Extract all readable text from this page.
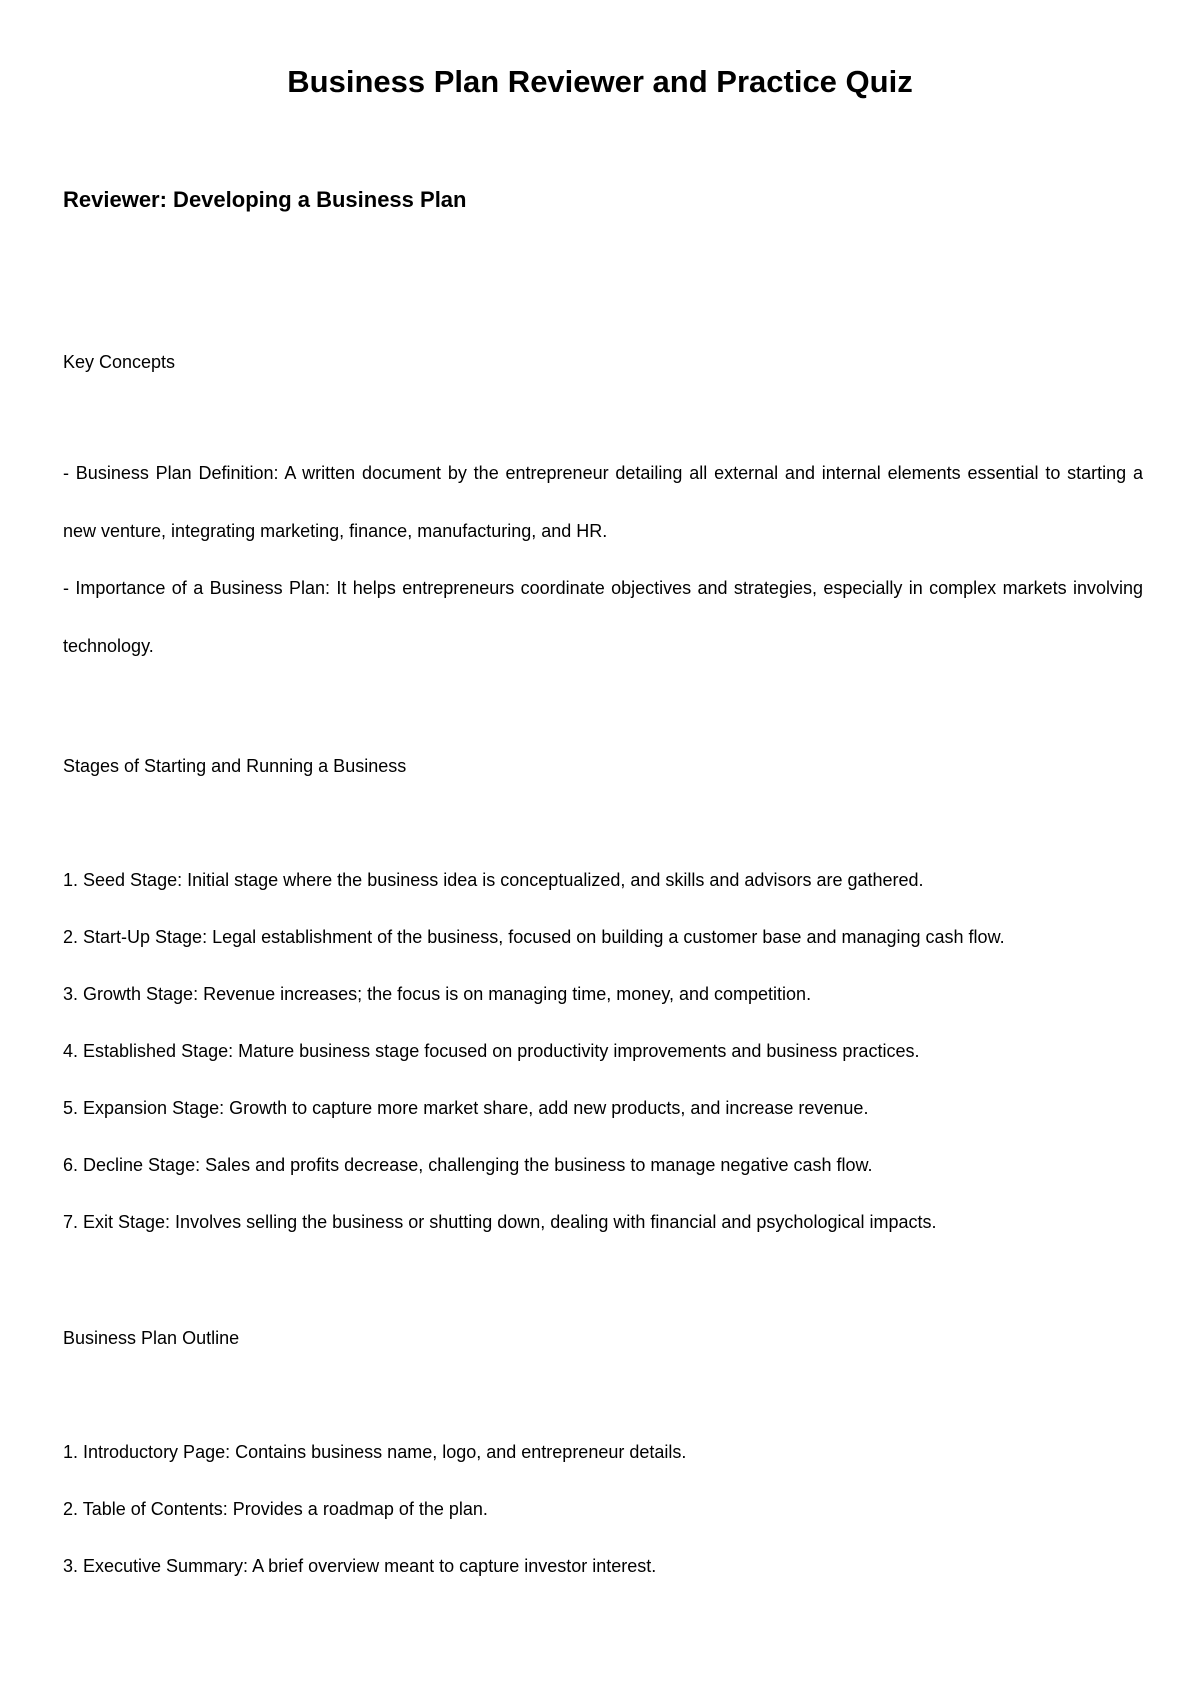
Business Plan Reviewer and Practice Quiz
Reviewer: Developing a Business Plan

Key Concepts

- Business Plan Definition: A written document by the entrepreneur detailing all external and internal elements essential to starting a new venture, integrating marketing, finance, manufacturing, and HR.

- Importance of a Business Plan: It helps entrepreneurs coordinate objectives and strategies, especially in complex markets involving technology.

Stages of Starting and Running a Business

1. Seed Stage: Initial stage where the business idea is conceptualized, and skills and advisors are gathered.
2. Start-Up Stage: Legal establishment of the business, focused on building a customer base and managing cash flow.
3. Growth Stage: Revenue increases; the focus is on managing time, money, and competition.
4. Established Stage: Mature business stage focused on productivity improvements and business practices.
5. Expansion Stage: Growth to capture more market share, add new products, and increase revenue.
6. Decline Stage: Sales and profits decrease, challenging the business to manage negative cash flow.
7. Exit Stage: Involves selling the business or shutting down, dealing with financial and psychological impacts.

Business Plan Outline

1. Introductory Page: Contains business name, logo, and entrepreneur details.
2. Table of Contents: Provides a roadmap of the plan.
3. Executive Summary: A brief overview meant to capture investor interest.
